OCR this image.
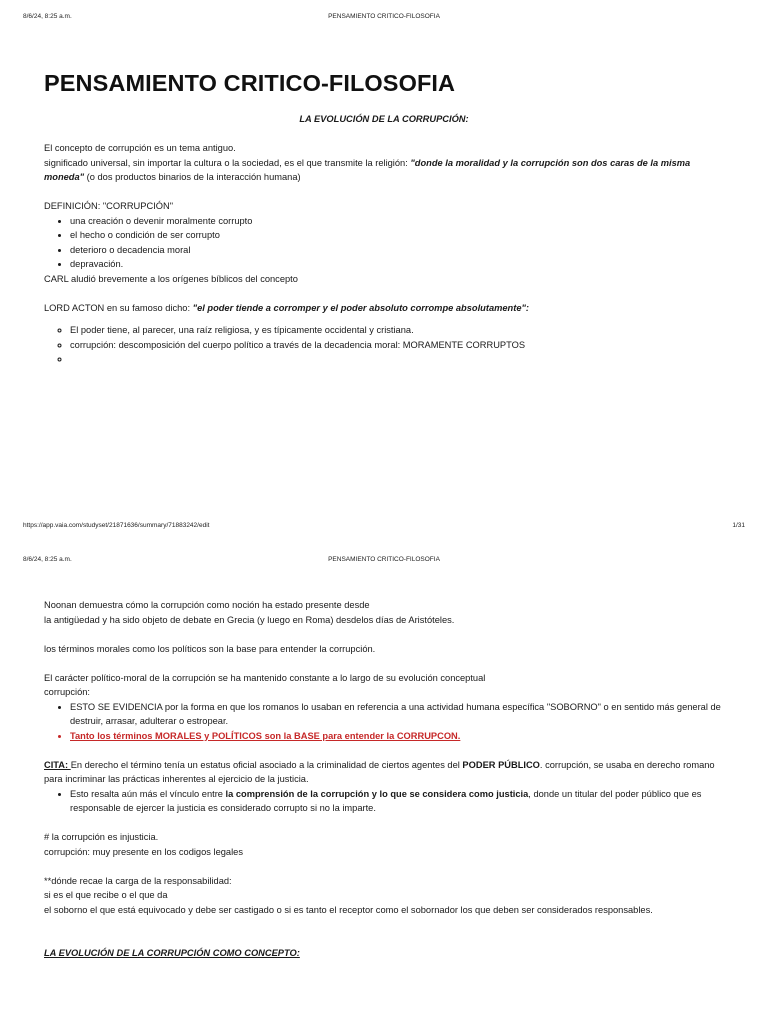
8/6/24, 8:25 a.m.	PENSAMIENTO CRITICO-FILOSOFIA
PENSAMIENTO CRITICO-FILOSOFIA

LA EVOLUCIÓN DE LA CORRUPCIÓN:

El concepto de corrupción es un tema antiguo.

significado universal, sin importar la cultura o la sociedad, es el que transmite la religión: "donde la moralidad y la corrupción son dos caras de la misma moneda" (o dos productos binarios de la interacción humana)

DEFINICIÓN: "CORRUPCIÓN"

• una creación o devenir moralmente corrupto
• el hecho o condición de ser corrupto
• deterioro o decadencia moral
• depravación.

CARL aludió brevemente a los orígenes bíblicos del concepto

LORD ACTON en su famoso dicho: "el poder tiende a corromper y el poder absoluto corrompe absolutamente":

◦ El poder tiene, al parecer, una raíz religiosa, y es típicamente occidental y cristiana.
◦ corrupción: descomposición del cuerpo político a través de la decadencia moral: MORAMENTE CORRUPTOS
◦
https://app.vaia.com/studyset/21871636/summary/71883242/edit	1/31
8/6/24, 8:25 a.m.	PENSAMIENTO CRITICO-FILOSOFIA

Noonan demuestra cómo la corrupción como noción ha estado presente desde

la antigüedad y ha sido objeto de debate en Grecia (y luego en Roma) desdelos días de Aristóteles.

los términos morales como los políticos son la base para entender la corrupción.

El carácter político-moral de la corrupción se ha mantenido constante a lo largo de su evolución conceptual

corrupción:

• ESTO SE EVIDENCIA por la forma en que los romanos lo usaban en referencia a una actividad humana específica "SOBORNO" o en sentido más general de destruir, arrasar, adulterar o estropear.
• Tanto los términos MORALES y POLÍTICOS son la BASE para entender la CORRUPCON.

CITA: En derecho el término tenía un estatus oficial asociado a la criminalidad de ciertos agentes del PODER PÚBLICO. corrupción, se usaba en derecho romano para incriminar las prácticas inherentes al ejercicio de la justicia.

• Esto resalta aún más el vínculo entre la comprensión de la corrupción y lo que se considera como justicia, donde un titular del poder público que es responsable de ejercer la justicia es considerado corrupto si no la imparte.

# la corrupción es injusticia.

corrupción: muy presente en los codigos legales

**dónde recae la carga de la responsabilidad:

si es el que recibe o el que da

el soborno el que está equivocado y debe ser castigado o si es tanto el receptor como el sobornador los que deben ser considerados responsables.

LA EVOLUCIÓN DE LA CORRUPCIÓN COMO CONCEPTO:
